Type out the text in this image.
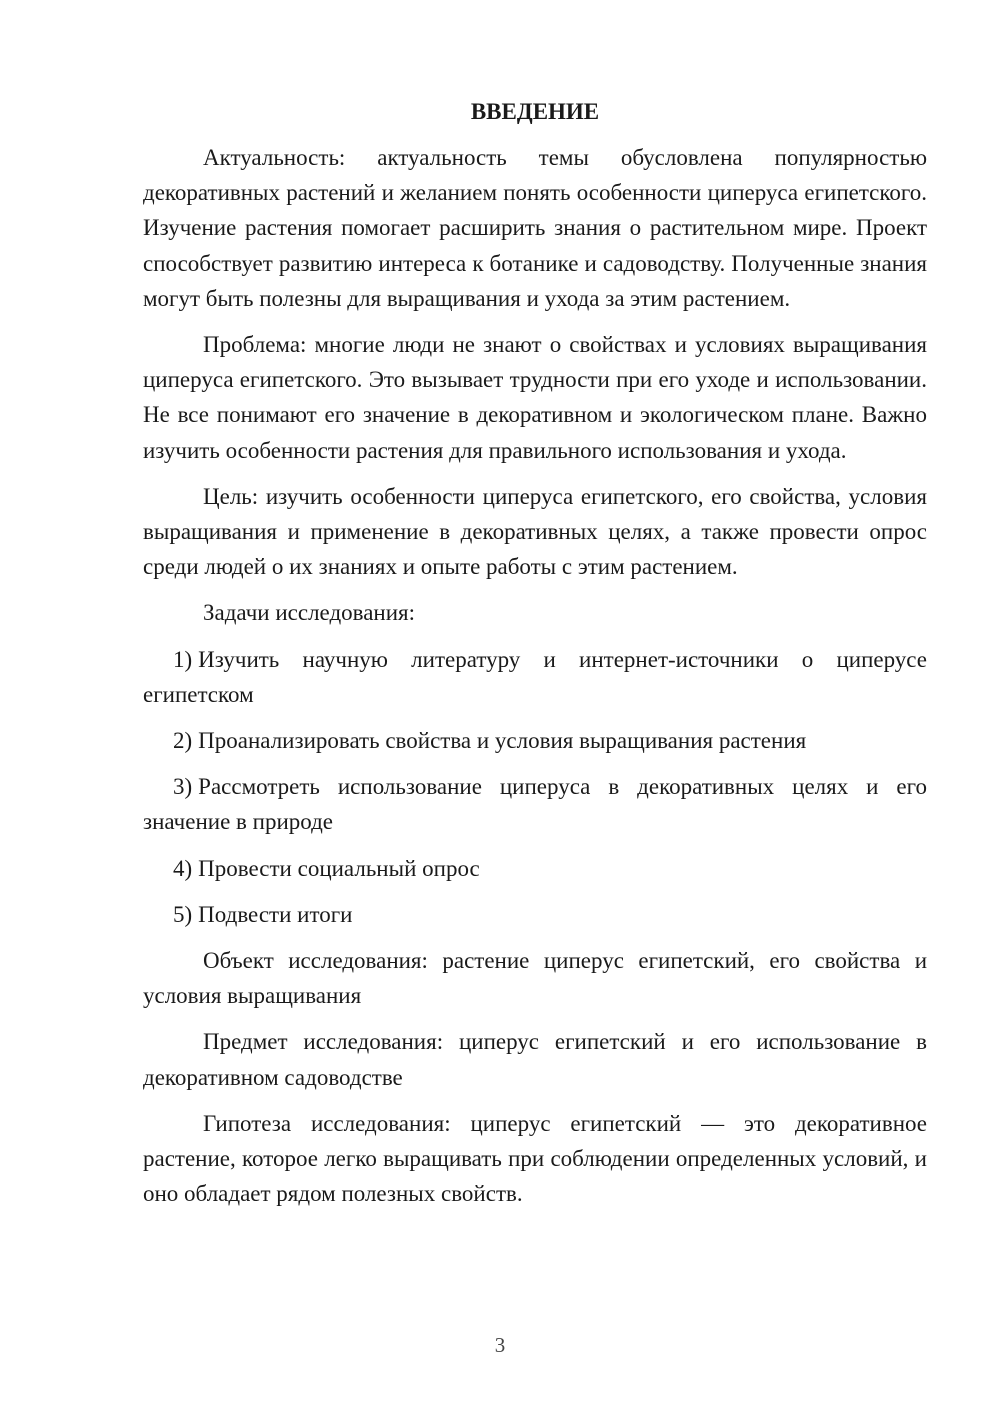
ВВЕДЕНИЕ

Актуальность: актуальность темы обусловлена популярностью декоративных растений и желанием понять особенности циперуса египетского. Изучение растения помогает расширить знания о растительном мире. Проект способствует развитию интереса к ботанике и садоводству. Полученные знания могут быть полезны для выращивания и ухода за этим растением.

Проблема: многие люди не знают о свойствах и условиях выращивания циперуса египетского. Это вызывает трудности при его уходе и использовании. Не все понимают его значение в декоративном и экологическом плане. Важно изучить особенности растения для правильного использования и ухода.

Цель: изучить особенности циперуса египетского, его свойства, условия выращивания и применение в декоративных целях, а также провести опрос среди людей о их знаниях и опыте работы с этим растением.

Задачи исследования:

1) Изучить научную литературу и интернет-источники о циперусе египетском

2) Проанализировать свойства и условия выращивания растения

3) Рассмотреть использование циперуса в декоративных целях и его значение в природе

4) Провести социальный опрос

5) Подвести итоги

Объект исследования: растение циперус египетский, его свойства и условия выращивания

Предмет исследования: циперус египетский и его использование в декоративном садоводстве

Гипотеза исследования: циперус египетский — это декоративное растение, которое легко выращивать при соблюдении определенных условий, и оно обладает рядом полезных свойств.

3
